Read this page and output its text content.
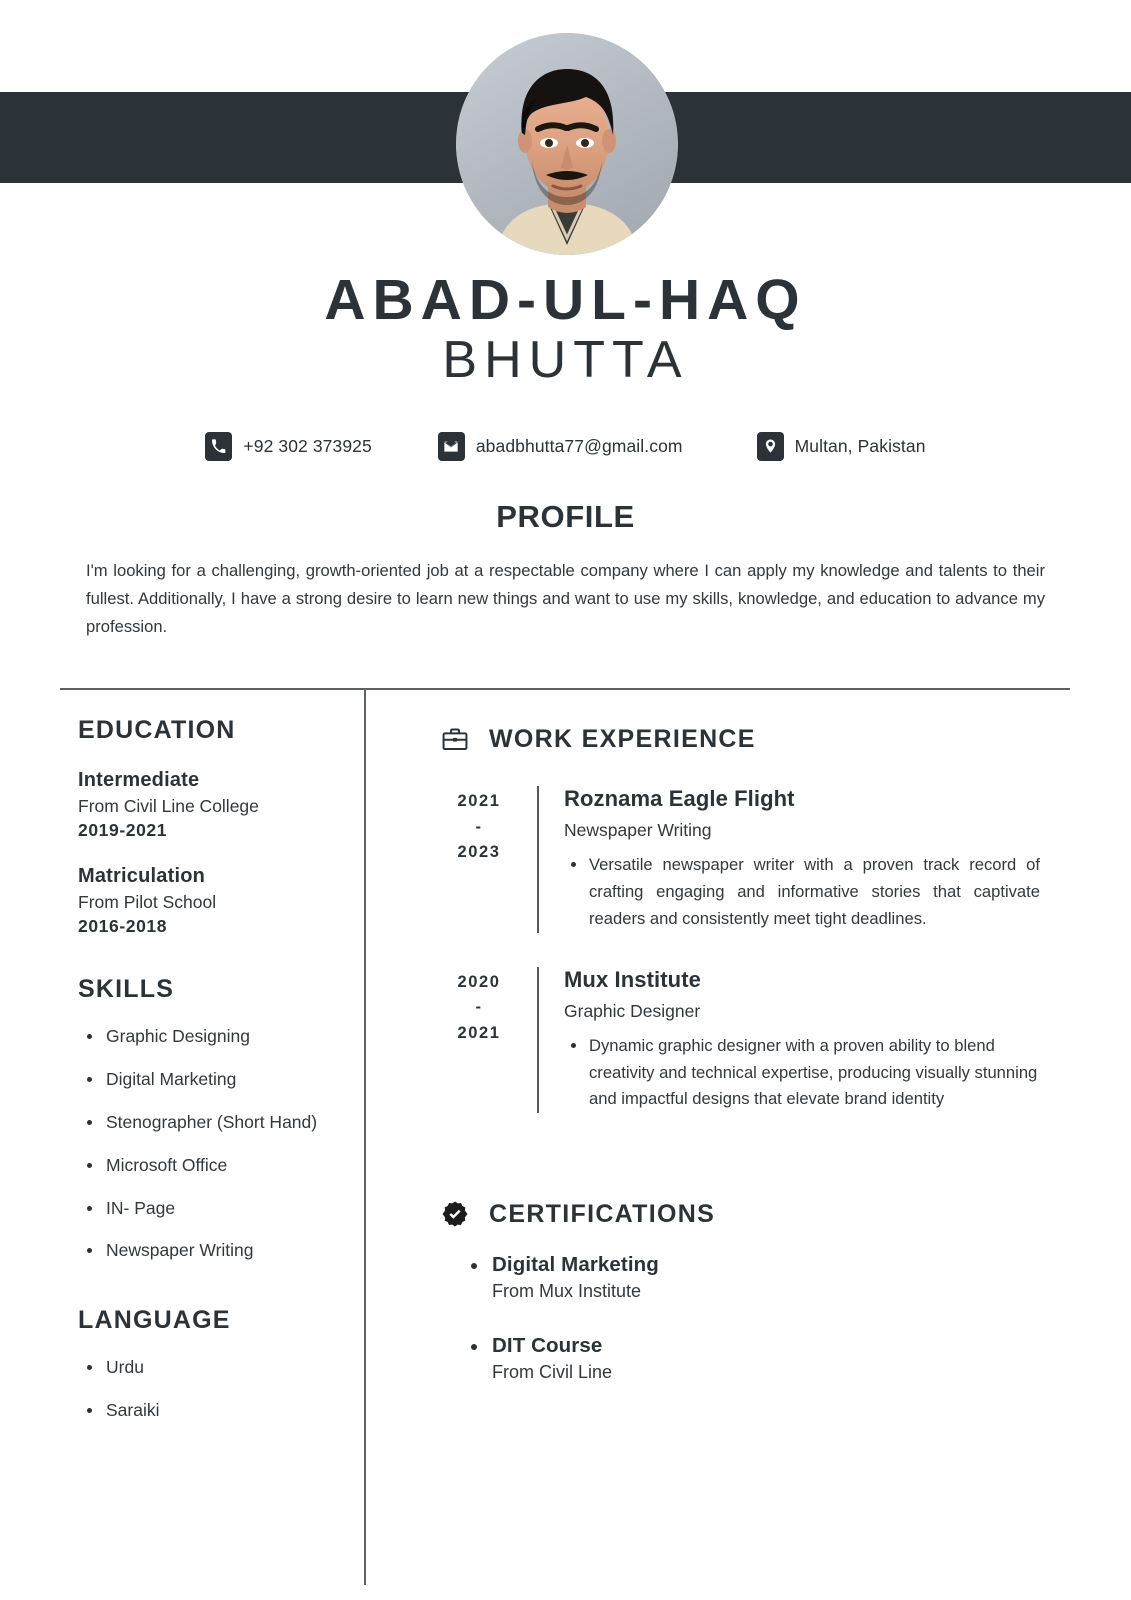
ABAD-UL-HAQ
BHUTTA
+92 302 373925	abadbhutta77@gmail.com	Multan, Pakistan
PROFILE
I'm looking for a challenging, growth-oriented job at a respectable company where I can apply my knowledge and talents to their fullest. Additionally, I have a strong desire to learn new things and want to use my skills, knowledge, and education to advance my profession.
EDUCATION
Intermediate
From Civil Line College
2019-2021
Matriculation
From Pilot School
2016-2018
SKILLS
Graphic Designing
Digital Marketing
Stenographer (Short Hand)
Microsoft Office
IN- Page
Newspaper Writing
LANGUAGE
Urdu
Saraiki
WORK EXPERIENCE
2021
-
2023
Roznama Eagle Flight
Newspaper Writing
Versatile newspaper writer with a proven track record of crafting engaging and informative stories that captivate readers and consistently meet tight deadlines.
2020
-
2021
Mux Institute
Graphic Designer
Dynamic graphic designer with a proven ability to blend creativity and technical expertise, producing visually stunning and impactful designs that elevate brand identity
CERTIFICATIONS
Digital Marketing
From Mux Institute
DIT Course
From Civil Line
